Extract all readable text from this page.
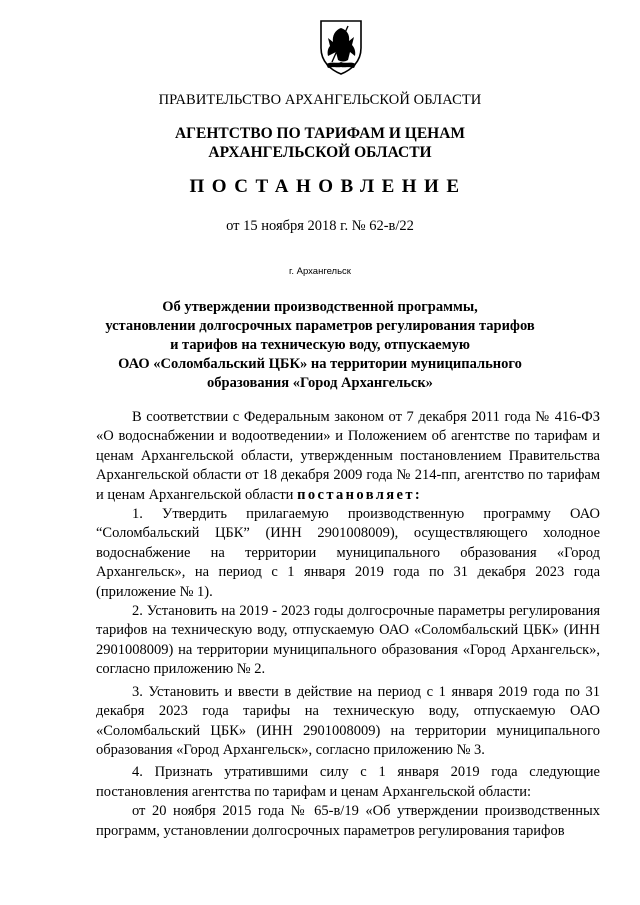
ПРАВИТЕЛЬСТВО АРХАНГЕЛЬСКОЙ ОБЛАСТИ
АГЕНТСТВО ПО ТАРИФАМ И ЦЕНАМ
АРХАНГЕЛЬСКОЙ ОБЛАСТИ
ПОСТАНОВЛЕНИЕ
от 15 ноября 2018 г. № 62-в/22
г. Архангельск
Об утверждении производственной программы,
установлении долгосрочных параметров регулирования тарифов
и тарифов на техническую воду, отпускаемую
ОАО «Соломбальский ЦБК» на территории муниципального
образования «Город Архангельск»

В соответствии с Федеральным законом от 7 декабря 2011 года № 416-ФЗ «О водоснабжении и водоотведении» и Положением об агентстве по тарифам и ценам Архангельской области, утвержденным постановлением Правительства Архангельской области от 18 декабря 2009 года № 214-пп, агентство по тарифам и ценам Архангельской области постановляет:

1. Утвердить прилагаемую производственную программу ОАО “Соломбальский ЦБК” (ИНН 2901008009), осуществляющего холодное водоснабжение на территории муниципального образования «Город Архангельск», на период с 1 января 2019 года по 31 декабря 2023 года (приложение № 1).

2. Установить на 2019 - 2023 годы долгосрочные параметры регулирования тарифов на техническую воду, отпускаемую ОАО «Соломбальский ЦБК» (ИНН 2901008009) на территории муниципального образования «Город Архангельск», согласно приложению № 2.

3. Установить и ввести в действие на период с 1 января 2019 года по 31 декабря 2023 года тарифы на техническую воду, отпускаемую ОАО «Соломбальский ЦБК» (ИНН 2901008009) на территории муниципального образования «Город Архангельск», согласно приложению № 3.

4. Признать утратившими силу с 1 января 2019 года следующие постановления агентства по тарифам и ценам Архангельской области:

от 20 ноября 2015 года № 65-в/19 «Об утверждении производственных программ, установлении долгосрочных параметров регулирования тарифов
